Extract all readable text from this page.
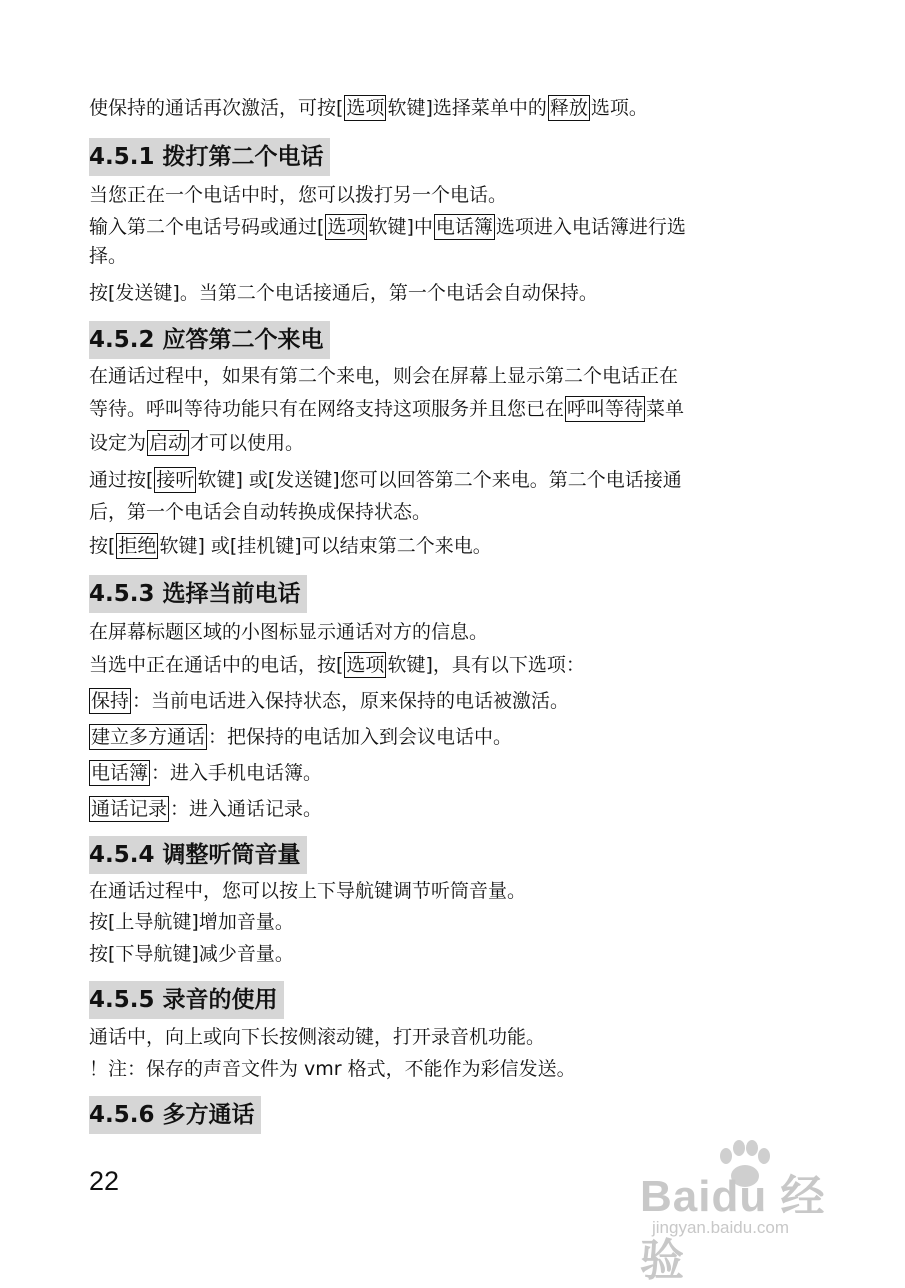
使保持的通话再次激活，可按[ 选项 软键]选择菜单中的 释放 选项。
4.5.1 拨打第二个电话
当您正在一个电话中时，您可以拨打另一个电话。
输入第二个电话号码或通过[ 选项 软键]中 电话簿 选项进入电话簿进行选
择。
按[发送键]。当第二个电话接通后，第一个电话会自动保持。
4.5.2 应答第二个来电
在通话过程中，如果有第二个来电，则会在屏幕上显示第二个电话正在
等待。呼叫等待功能只有在网络支持这项服务并且您已在 呼叫等待 菜单
设定为 启动 才可以使用。
通过按[ 接听 软键] 或[发送键]您可以回答第二个来电。第二个电话接通
后，第一个电话会自动转换成保持状态。
按[ 拒绝 软键] 或[挂机键]可以结束第二个来电。
4.5.3 选择当前电话
在屏幕标题区域的小图标显示通话对方的信息。
当选中正在通话中的电话，按[ 选项 软键]，具有以下选项：
保持 ：当前电话进入保持状态，原来保持的电话被激活。
建立多方通话 ：把保持的电话加入到会议电话中。
电话簿 ：进入手机电话簿。
通话记录 ：进入通话记录。
4.5.4 调整听筒音量
在通话过程中，您可以按上下导航键调节听筒音量。
按[上导航键]增加音量。
按[下导航键]减少音量。
4.5.5 录音的使用
通话中，向上或向下长按侧滚动键，打开录音机功能。
！注：保存的声音文件为 vmr 格式，不能作为彩信发送。
4.5.6 多方通话
22	Baidu 经验
jingyan.baidu.com
